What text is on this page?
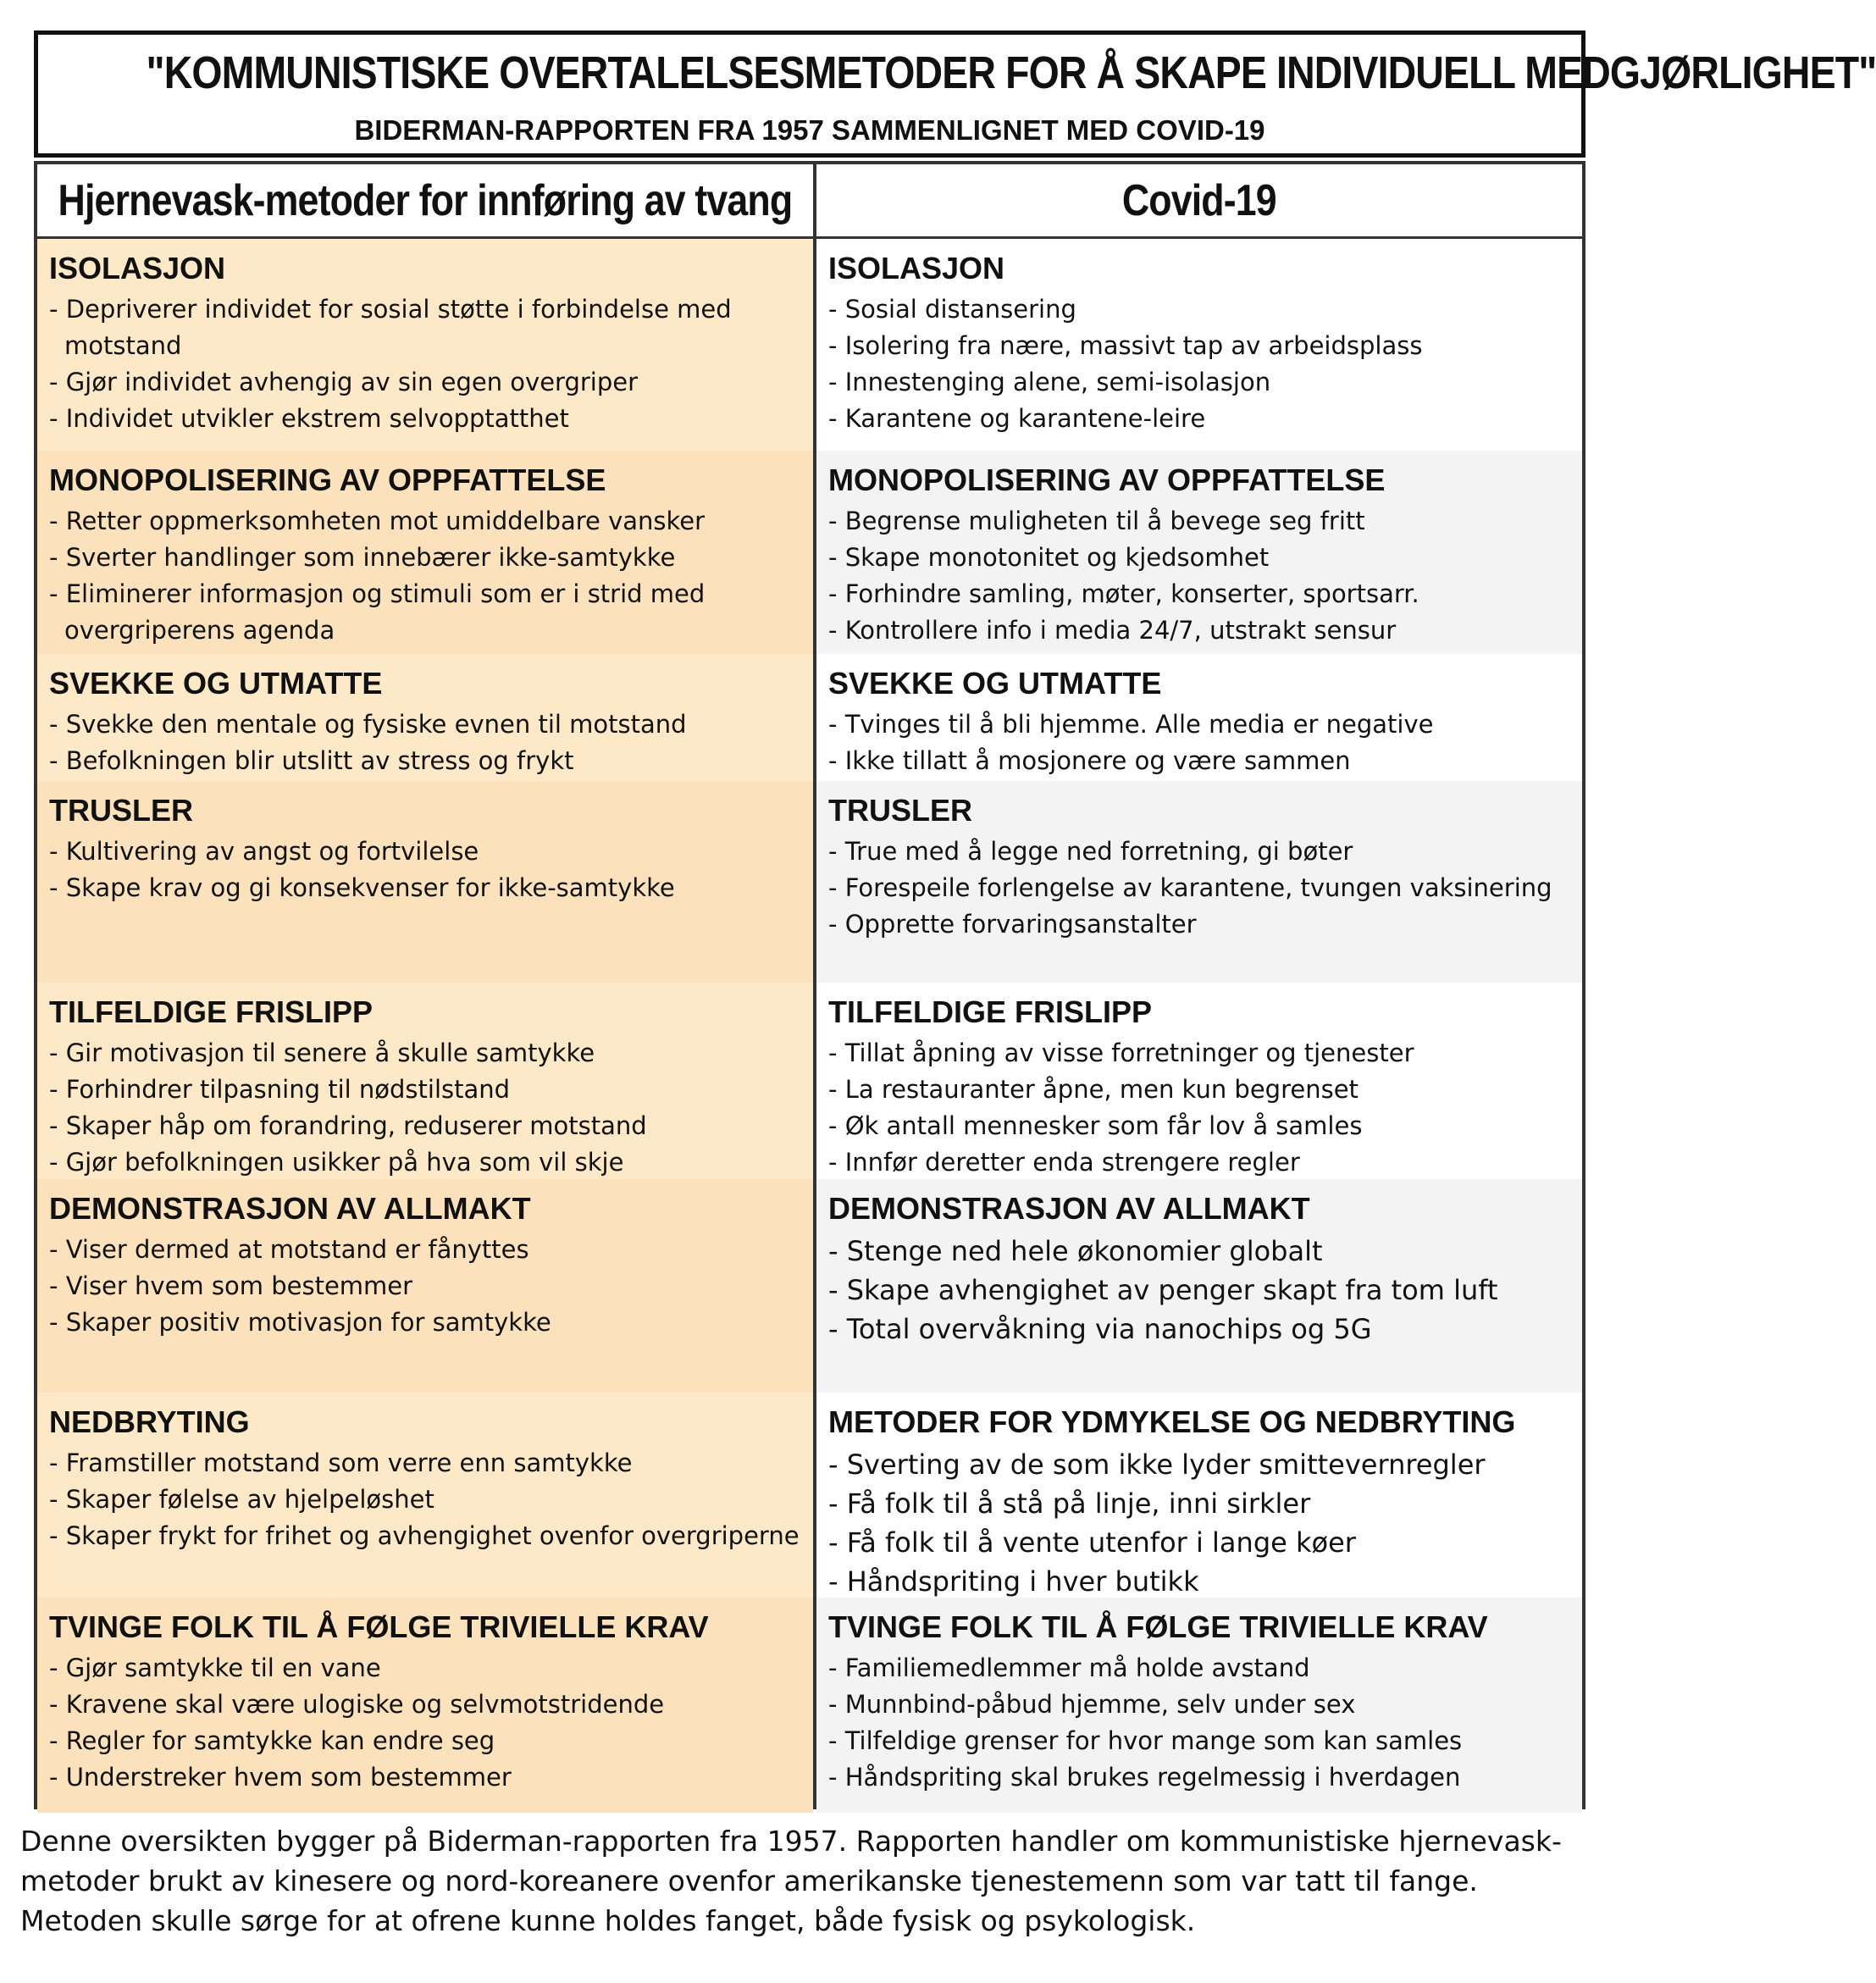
"KOMMUNISTISKE OVERTALELSESMETODER FOR Å SKAPE INDIVIDUELL MEDGJØRLIGHET"
BIDERMAN-RAPPORTEN FRA 1957 SAMMENLIGNET MED COVID-19
Hjernevask-metoder for innføring av tvang
ISOLASJON
- Depriverer individet for sosial støtte i forbindelse med motstand
- Gjør individet avhengig av sin egen overgriper
- Individet utvikler ekstrem selvopptatthet
MONOPOLISERING AV OPPFATTELSE
- Retter oppmerksomheten mot umiddelbare vansker
- Sverter handlinger som innebærer ikke-samtykke
- Eliminerer informasjon og stimuli som er i strid med overgriperens agenda
SVEKKE OG UTMATTE
- Svekke den mentale og fysiske evnen til motstand
- Befolkningen blir utslitt av stress og frykt
TRUSLER
- Kultivering av angst og fortvilelse
- Skape krav og gi konsekvenser for ikke-samtykke
TILFELDIGE FRISLIPP
- Gir motivasjon til senere å skulle samtykke
- Forhindrer tilpasning til nødstilstand
- Skaper håp om forandring, reduserer motstand
- Gjør befolkningen usikker på hva som vil skje
DEMONSTRASJON AV ALLMAKT
- Viser dermed at motstand er fånyttes
- Viser hvem som bestemmer
- Skaper positiv motivasjon for samtykke
NEDBRYTING
- Framstiller motstand som verre enn samtykke
- Skaper følelse av hjelpeløshet
- Skaper frykt for frihet og avhengighet ovenfor overgriperne
TVINGE FOLK TIL Å FØLGE TRIVIELLE KRAV
- Gjør samtykke til en vane
- Kravene skal være ulogiske og selvmotstridende
- Regler for samtykke kan endre seg
- Understreker hvem som bestemmer
Covid-19
ISOLASJON
- Sosial distansering
- Isolering fra nære, massivt tap av arbeidsplass
- Innestenging alene, semi-isolasjon
- Karantene og karantene-leire
MONOPOLISERING AV OPPFATTELSE
- Begrense muligheten til å bevege seg fritt
- Skape monotonitet og kjedsomhet
- Forhindre samling, møter, konserter, sportsarr.
- Kontrollere info i media 24/7, utstrakt sensur
SVEKKE OG UTMATTE
- Tvinges til å bli hjemme. Alle media er negative
- Ikke tillatt å mosjonere og være sammen
TRUSLER
- True med å legge ned forretning, gi bøter
- Forespeile forlengelse av karantene, tvungen vaksinering
- Opprette forvaringsanstalter
TILFELDIGE FRISLIPP
- Tillat åpning av visse forretninger og tjenester
- La restauranter åpne, men kun begrenset
- Øk antall mennesker som får lov å samles
- Innfør deretter enda strengere regler
DEMONSTRASJON AV ALLMAKT
- Stenge ned hele økonomier globalt
- Skape avhengighet av penger skapt fra tom luft
- Total overvåkning via nanochips og 5G
METODER FOR YDMYKELSE OG NEDBRYTING
- Sverting av de som ikke lyder smittevernregler
- Få folk til å stå på linje, inni sirkler
- Få folk til å vente utenfor i lange køer
- Håndspriting i hver butikk
TVINGE FOLK TIL Å FØLGE TRIVIELLE KRAV
- Familiemedlemmer må holde avstand
- Munnbind-påbud hjemme, selv under sex
- Tilfeldige grenser for hvor mange som kan samles
- Håndspriting skal brukes regelmessig i hverdagen
Denne oversikten bygger på Biderman-rapporten fra 1957. Rapporten handler om kommunistiske hjernevask-metoder brukt av kinesere og nord-koreanere ovenfor amerikanske tjenestemenn som var tatt til fange. Metoden skulle sørge for at ofrene kunne holdes fanget, både fysisk og psykologisk.
